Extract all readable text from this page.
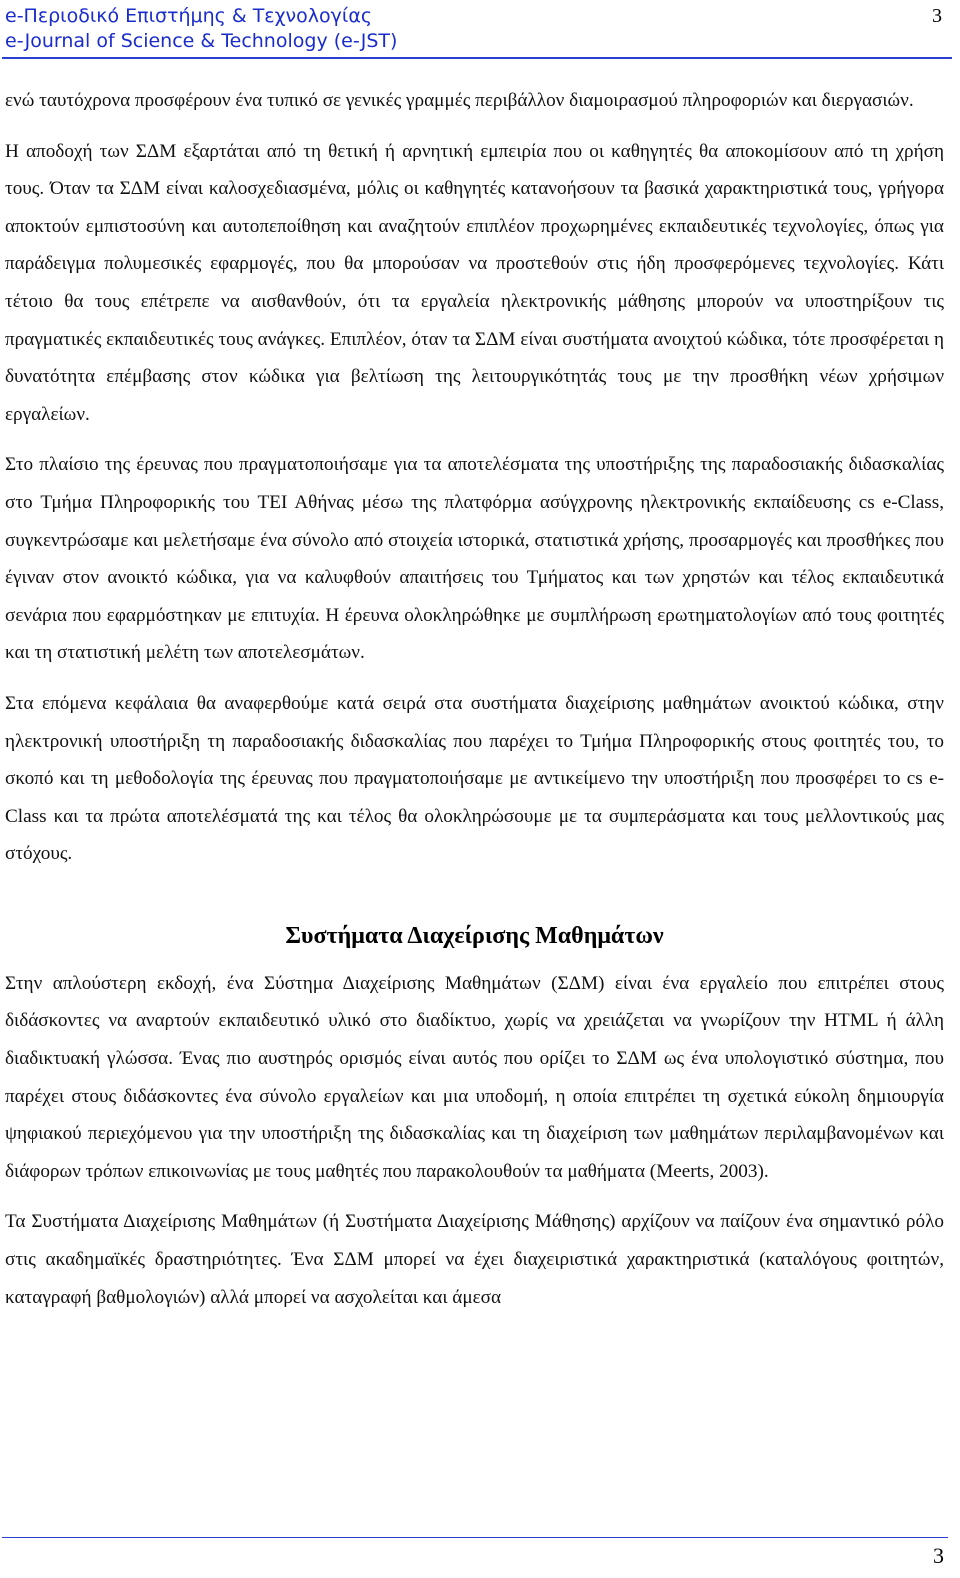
e-Περιοδικό Επιστήμης & Τεχνολογίας
e-Journal of Science & Technology (e-JST)
3

ενώ ταυτόχρονα προσφέρουν ένα τυπικό σε γενικές γραμμές περιβάλλον διαμοιρασμού πληροφοριών και διεργασιών.

Η αποδοχή των ΣΔΜ εξαρτάται από τη θετική ή αρνητική εμπειρία που οι καθηγητές θα αποκομίσουν από τη χρήση τους. Όταν τα ΣΔΜ είναι καλοσχεδιασμένα, μόλις οι καθηγητές κατανοήσουν τα βασικά χαρακτηριστικά τους, γρήγορα αποκτούν εμπιστοσύνη και αυτοπεποίθηση και αναζητούν επιπλέον προχωρημένες εκπαιδευτικές τεχνολογίες, όπως για παράδειγμα πολυμεσικές εφαρμογές, που θα μπορούσαν να προστεθούν στις ήδη προσφερόμενες τεχνολογίες. Κάτι τέτοιο θα τους επέτρεπε να αισθανθούν, ότι τα εργαλεία ηλεκτρονικής μάθησης μπορούν να υποστηρίξουν τις πραγματικές εκπαιδευτικές τους ανάγκες. Επιπλέον, όταν τα ΣΔΜ είναι συστήματα ανοιχτού κώδικα, τότε προσφέρεται η δυνατότητα επέμβασης στον κώδικα για βελτίωση της λειτουργικότητάς τους με την προσθήκη νέων χρήσιμων εργαλείων.

Στο πλαίσιο της έρευνας που πραγματοποιήσαμε για τα αποτελέσματα της υποστήριξης της παραδοσιακής διδασκαλίας στο Τμήμα Πληροφορικής του ΤΕΙ Αθήνας μέσω της πλατφόρμα ασύγχρονης ηλεκτρονικής εκπαίδευσης cs e-Class, συγκεντρώσαμε και μελετήσαμε ένα σύνολο από στοιχεία ιστορικά, στατιστικά χρήσης, προσαρμογές και προσθήκες που έγιναν στον ανοικτό κώδικα, για να καλυφθούν απαιτήσεις του Τμήματος και των χρηστών και τέλος εκπαιδευτικά σενάρια που εφαρμόστηκαν με επιτυχία. Η έρευνα ολοκληρώθηκε με συμπλήρωση ερωτηματολογίων από τους φοιτητές και τη στατιστική μελέτη των αποτελεσμάτων.

Στα επόμενα κεφάλαια θα αναφερθούμε κατά σειρά στα συστήματα διαχείρισης μαθημάτων ανοικτού κώδικα, στην ηλεκτρονική υποστήριξη τη παραδοσιακής διδασκαλίας που παρέχει το Τμήμα Πληροφορικής στους φοιτητές του, το σκοπό και τη μεθοδολογία της έρευνας που πραγματοποιήσαμε με αντικείμενο την υποστήριξη που προσφέρει το cs e-Class και τα πρώτα αποτελέσματά της και τέλος θα ολοκληρώσουμε με τα συμπεράσματα και τους μελλοντικούς μας στόχους.

Συστήματα Διαχείρισης Μαθημάτων

Στην απλούστερη εκδοχή, ένα Σύστημα Διαχείρισης Μαθημάτων (ΣΔΜ) είναι ένα εργαλείο που επιτρέπει στους διδάσκοντες να αναρτούν εκπαιδευτικό υλικό στο διαδίκτυο, χωρίς να χρειάζεται να γνωρίζουν την HTML ή άλλη διαδικτυακή γλώσσα. Ένας πιο αυστηρός ορισμός είναι αυτός που ορίζει το ΣΔΜ ως ένα υπολογιστικό σύστημα, που παρέχει στους διδάσκοντες ένα σύνολο εργαλείων και μια υποδομή, η οποία επιτρέπει τη σχετικά εύκολη δημιουργία ψηφιακού περιεχόμενου για την υποστήριξη της διδασκαλίας και τη διαχείριση των μαθημάτων περιλαμβανομένων και διάφορων τρόπων επικοινωνίας με τους μαθητές που παρακολουθούν τα μαθήματα (Meerts, 2003).

Τα Συστήματα Διαχείρισης Μαθημάτων (ή Συστήματα Διαχείρισης Μάθησης) αρχίζουν να παίζουν ένα σημαντικό ρόλο στις ακαδημαϊκές δραστηριότητες. Ένα ΣΔΜ μπορεί να έχει διαχειριστικά χαρακτηριστικά (καταλόγους φοιτητών, καταγραφή βαθμολογιών) αλλά μπορεί να ασχολείται και άμεσα

3
